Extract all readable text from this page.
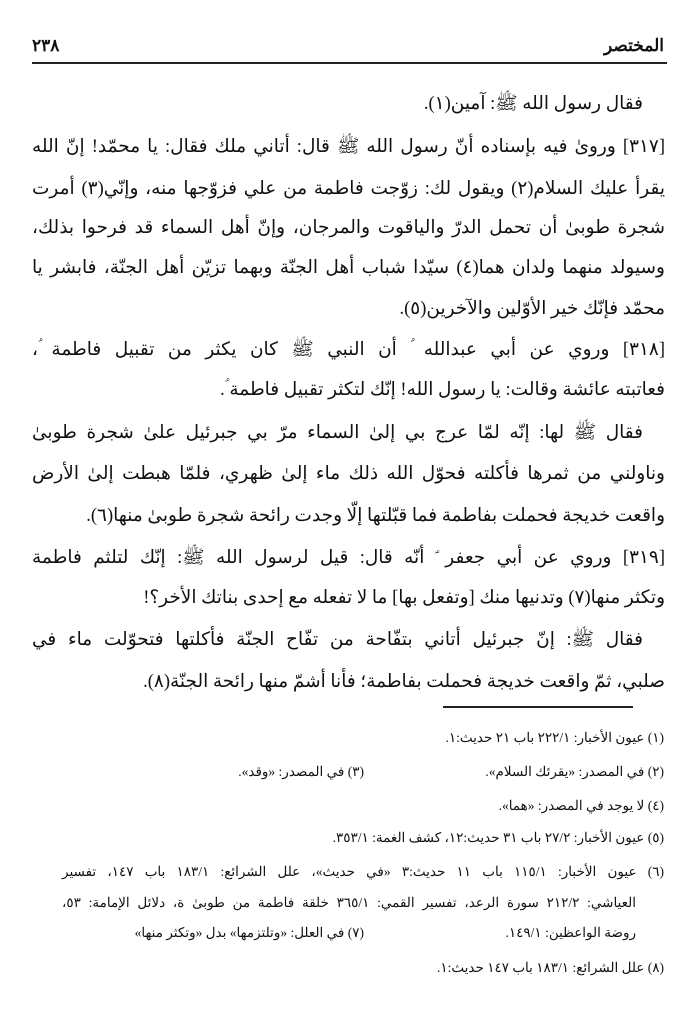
المختصر
٢٣٨
فقال رسول الله ﷺ: آمين(١).
[٣١٧] وروىٰ فيه بإسناده أنّ رسول الله ﷺ قال: أتاني ملك فقال: يا محمّد! إنّ الله
يقرأ عليك السلام(٢) ويقول لك: زوّجت فاطمة من علي فزوّجها منه، وإنّي(٣) أمرت
شجرة طوبىٰ أن تحمل الدرّ والياقوت والمرجان، وإنّ أهل السماء قد فرحوا بذلك،
وسيولد منهما ولدان هما(٤) سيّدا شباب أهل الجنّة وبهما تزيّن أهل الجنّة، فابشر يا
محمّد فإنّك خير الأوّلين والآخرين(٥).
[٣١٨] وروي عن أبي عبدالله ؑ أن النبي ﷺ كان يكثر من تقبيل فاطمة ؑ،
فعاتبته عائشة وقالت: يا رسول الله! إنّك لتكثر تقبيل فاطمة ؑ.
فقال ﷺ لها: إنّه لمّا عرج بي إلىٰ السماء مرّ بي جبرئيل علىٰ شجرة طوبىٰ
وناولني من ثمرها فأكلته فحوّل الله ذلك ماء إلىٰ ظهري، فلمّا هبطت إلىٰ الأرض
واقعت خديجة فحملت بفاطمة فما قبّلتها إلّا وجدت رائحة شجرة طوبىٰ منها(٦).
[٣١٩] وروي عن أبي جعفر ؑ أنّه قال: قيل لرسول الله ﷺ: إنّك لتلثم فاطمة
وتكثر منها(٧) وتدنيها منك [وتفعل بها] ما لا تفعله مع إحدى بناتك الأخر؟!
فقال ﷺ: إنّ جبرئيل أتاني بتفّاحة من تفّاح الجنّة فأكلتها فتحوّلت ماء في
صلبي، ثمّ واقعت خديجة فحملت بفاطمة؛ فأنا أشمّ منها رائحة الجنّة(٨).
(١) عيون الأخبار: ٢٢٢/١ باب ٢١ حديث:١.
(٢) في المصدر: «يقرئك السلام».
(٣) في المصدر: «وقد».
(٤) لا يوجد في المصدر: «هما».
(٥) عيون الأخبار: ٢٧/٢ باب ٣١ حديث:١٢، كشف الغمة: ٣٥٣/١.
(٦) عيون الأخبار: ١١٥/١ باب ١١ حديث:٣ «في حديث»، علل الشرائع: ١٨٣/١ باب ١٤٧، تفسير
العياشي: ٢١٢/٢ سورة الرعد، تفسير القمي: ٣٦٥/١ خلقة فاطمة من طوبىٰ ة، دلائل الإمامة: ٥٣،
روضة الواعظين: ١٤٩/١.
(٧) في العلل: «وتلتزمها» بدل «وتكثر منها»
(٨) علل الشرائع: ١٨٣/١ باب ١٤٧ حديث:١.
